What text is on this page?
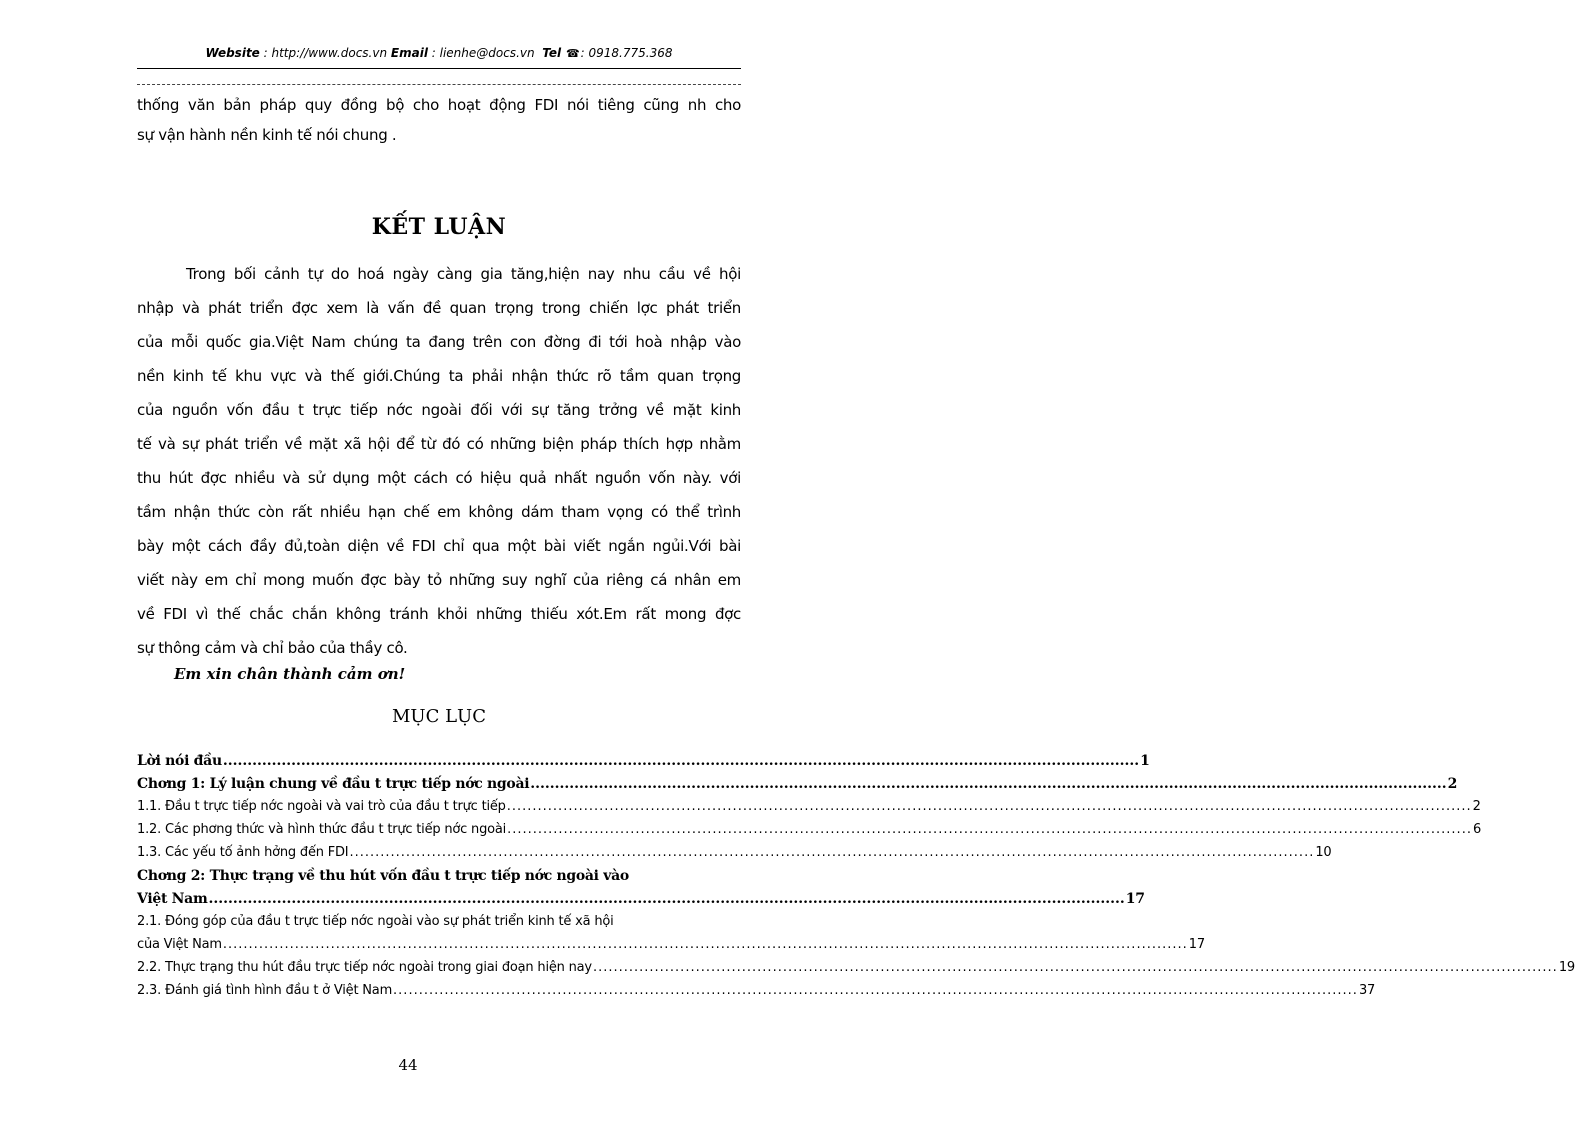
Website : http://www.docs.vn Email : lienhe@docs.vn Tel ☎: 0918.775.368
thống văn bản pháp quy đồng bộ cho hoạt động FDI nói tiêng cũng nh cho
sự vận hành nền kinh tế nói chung .
KẾT LUẬN
Trong bối cảnh tự do hoá ngày càng gia tăng,hiện nay nhu cầu về hội
nhập và phát triển đợc xem là vấn đề quan trọng trong chiến lợc phát triển
của mỗi quốc gia.Việt Nam chúng ta đang trên con đờng đi tới hoà nhập vào
nền kinh tế khu vực và thế giới.Chúng ta phải nhận thức rõ tầm quan trọng
của nguồn vốn đầu t trực tiếp nớc ngoài đối với sự tăng trởng về mặt kinh
tế và sự phát triển về mặt xã hội để từ đó có những biện pháp thích hợp nhằm
thu hút đợc nhiều và sử dụng một cách có hiệu quả nhất nguồn vốn này. với
tầm nhận thức còn rất nhiều hạn chế em không dám tham vọng có thể trình
bày một cách đầy đủ,toàn diện về FDI chỉ qua một bài viết ngắn ngủi.Với bài
viết này em chỉ mong muốn đợc bày tỏ những suy nghĩ của riêng cá nhân em
về FDI vì thế chắc chắn không tránh khỏi những thiếu xót.Em rất mong đợc
sự thông cảm và chỉ bảo của thầy cô.
Em xin chân thành cảm ơn!
MỤC LỤC
Lời nói đầu ............................................................................................................................................................................................ 1
Chơng 1: Lý luận chung về đầu t trực tiếp nớc ngoài ............................................................................................................................................................................................ 2
1.1. Đầu t trực tiếp nớc ngoài và vai trò của đầu t trực tiếp ............................................................................................................................................................................................ 2
1.2. Các phơng thức và hình thức đầu t trực tiếp nớc ngoài ............................................................................................................................................................................................ 6
1.3. Các yếu tố ảnh hởng đến FDI ............................................................................................................................................................................................ 10
Chơng 2: Thực trạng về thu hút vốn đầu t trực tiếp nớc ngoài vào
Việt Nam ............................................................................................................................................................................................ 17
2.1. Đóng góp của đầu t trực tiếp nớc ngoài vào sự phát triển kinh tế xã hội
của Việt Nam ............................................................................................................................................................................................ 17
2.2. Thực trạng thu hút đầu trực tiếp nớc ngoài trong giai đoạn hiện nay ............................................................................................................................................................................................ 19
2.3. Đánh giá tình hình đầu t ở Việt Nam ............................................................................................................................................................................................ 37
44
